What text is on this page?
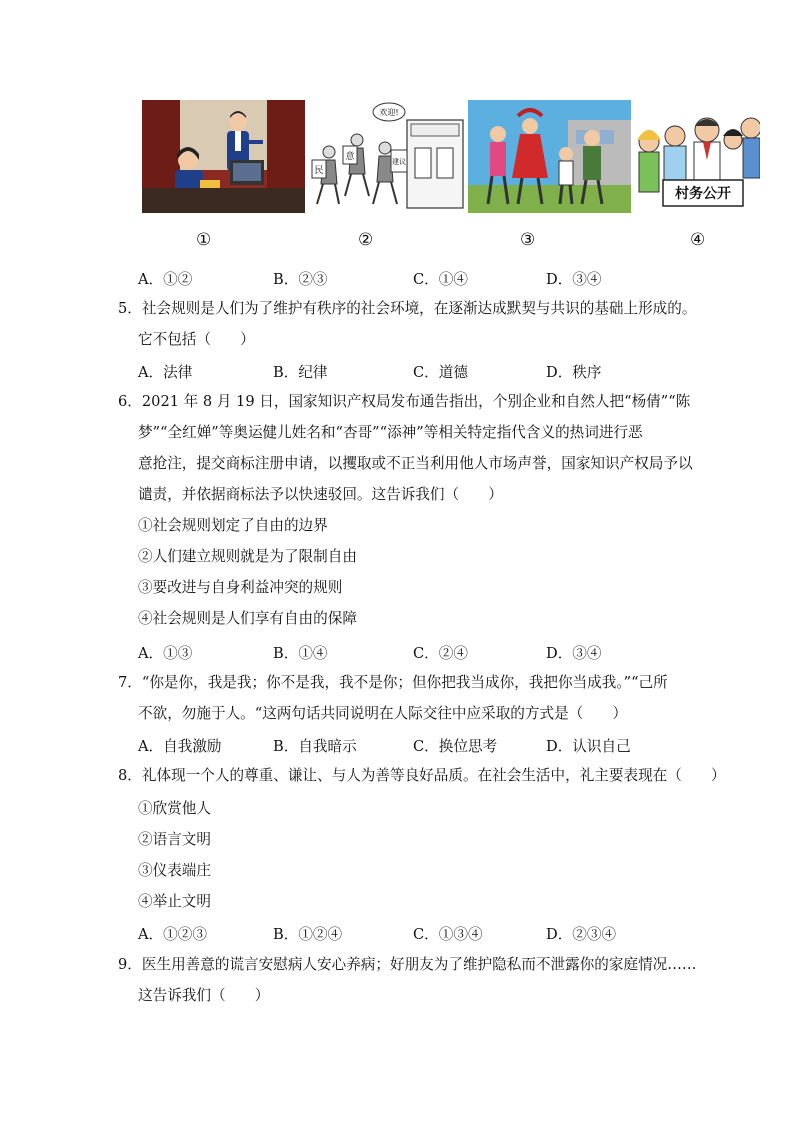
欢迎!
民
意	建议
村务公开
①	②	③	④
A．①②	B．②③	C．①④	D．③④
5．社会规则是人们为了维护有秩序的社会环境，在逐渐达成默契与共识的基础上形成的。
它不包括（　　）
A．法律	B．纪律	C．道德	D．秩序
6．2021 年 8 月 19 日，国家知识产权局发布通告指出，个别企业和自然人把“杨倩”“陈
梦”“全红婵”等奥运健儿姓名和“杏哥”“添神”等相关特定指代含义的热词进行恶
意抢注，提交商标注册申请，以攫取或不正当利用他人市场声誉，国家知识产权局予以
谴责，并依据商标法予以快速驳回。这告诉我们（　　）
①社会规则划定了自由的边界
②人们建立规则就是为了限制自由
③要改进与自身利益冲突的规则
④社会规则是人们享有自由的保障
A．①③	B．①④	C．②④	D．③④
7．“你是你，我是我；你不是我，我不是你；但你把我当成你，我把你当成我。”“己所
不欲，勿施于人。“这两句话共同说明在人际交往中应采取的方式是（　　）
A．自我激励	B．自我暗示	C．换位思考	D．认识自己
8．礼体现一个人的尊重、谦让、与人为善等良好品质。在社会生活中，礼主要表现在（　　）
①欣赏他人
②语言文明
③仪表端庄
④举止文明
A．①②③	B．①②④	C．①③④	D．②③④
9．医生用善意的谎言安慰病人安心养病；好朋友为了维护隐私而不泄露你的家庭情况……
这告诉我们（　　）
